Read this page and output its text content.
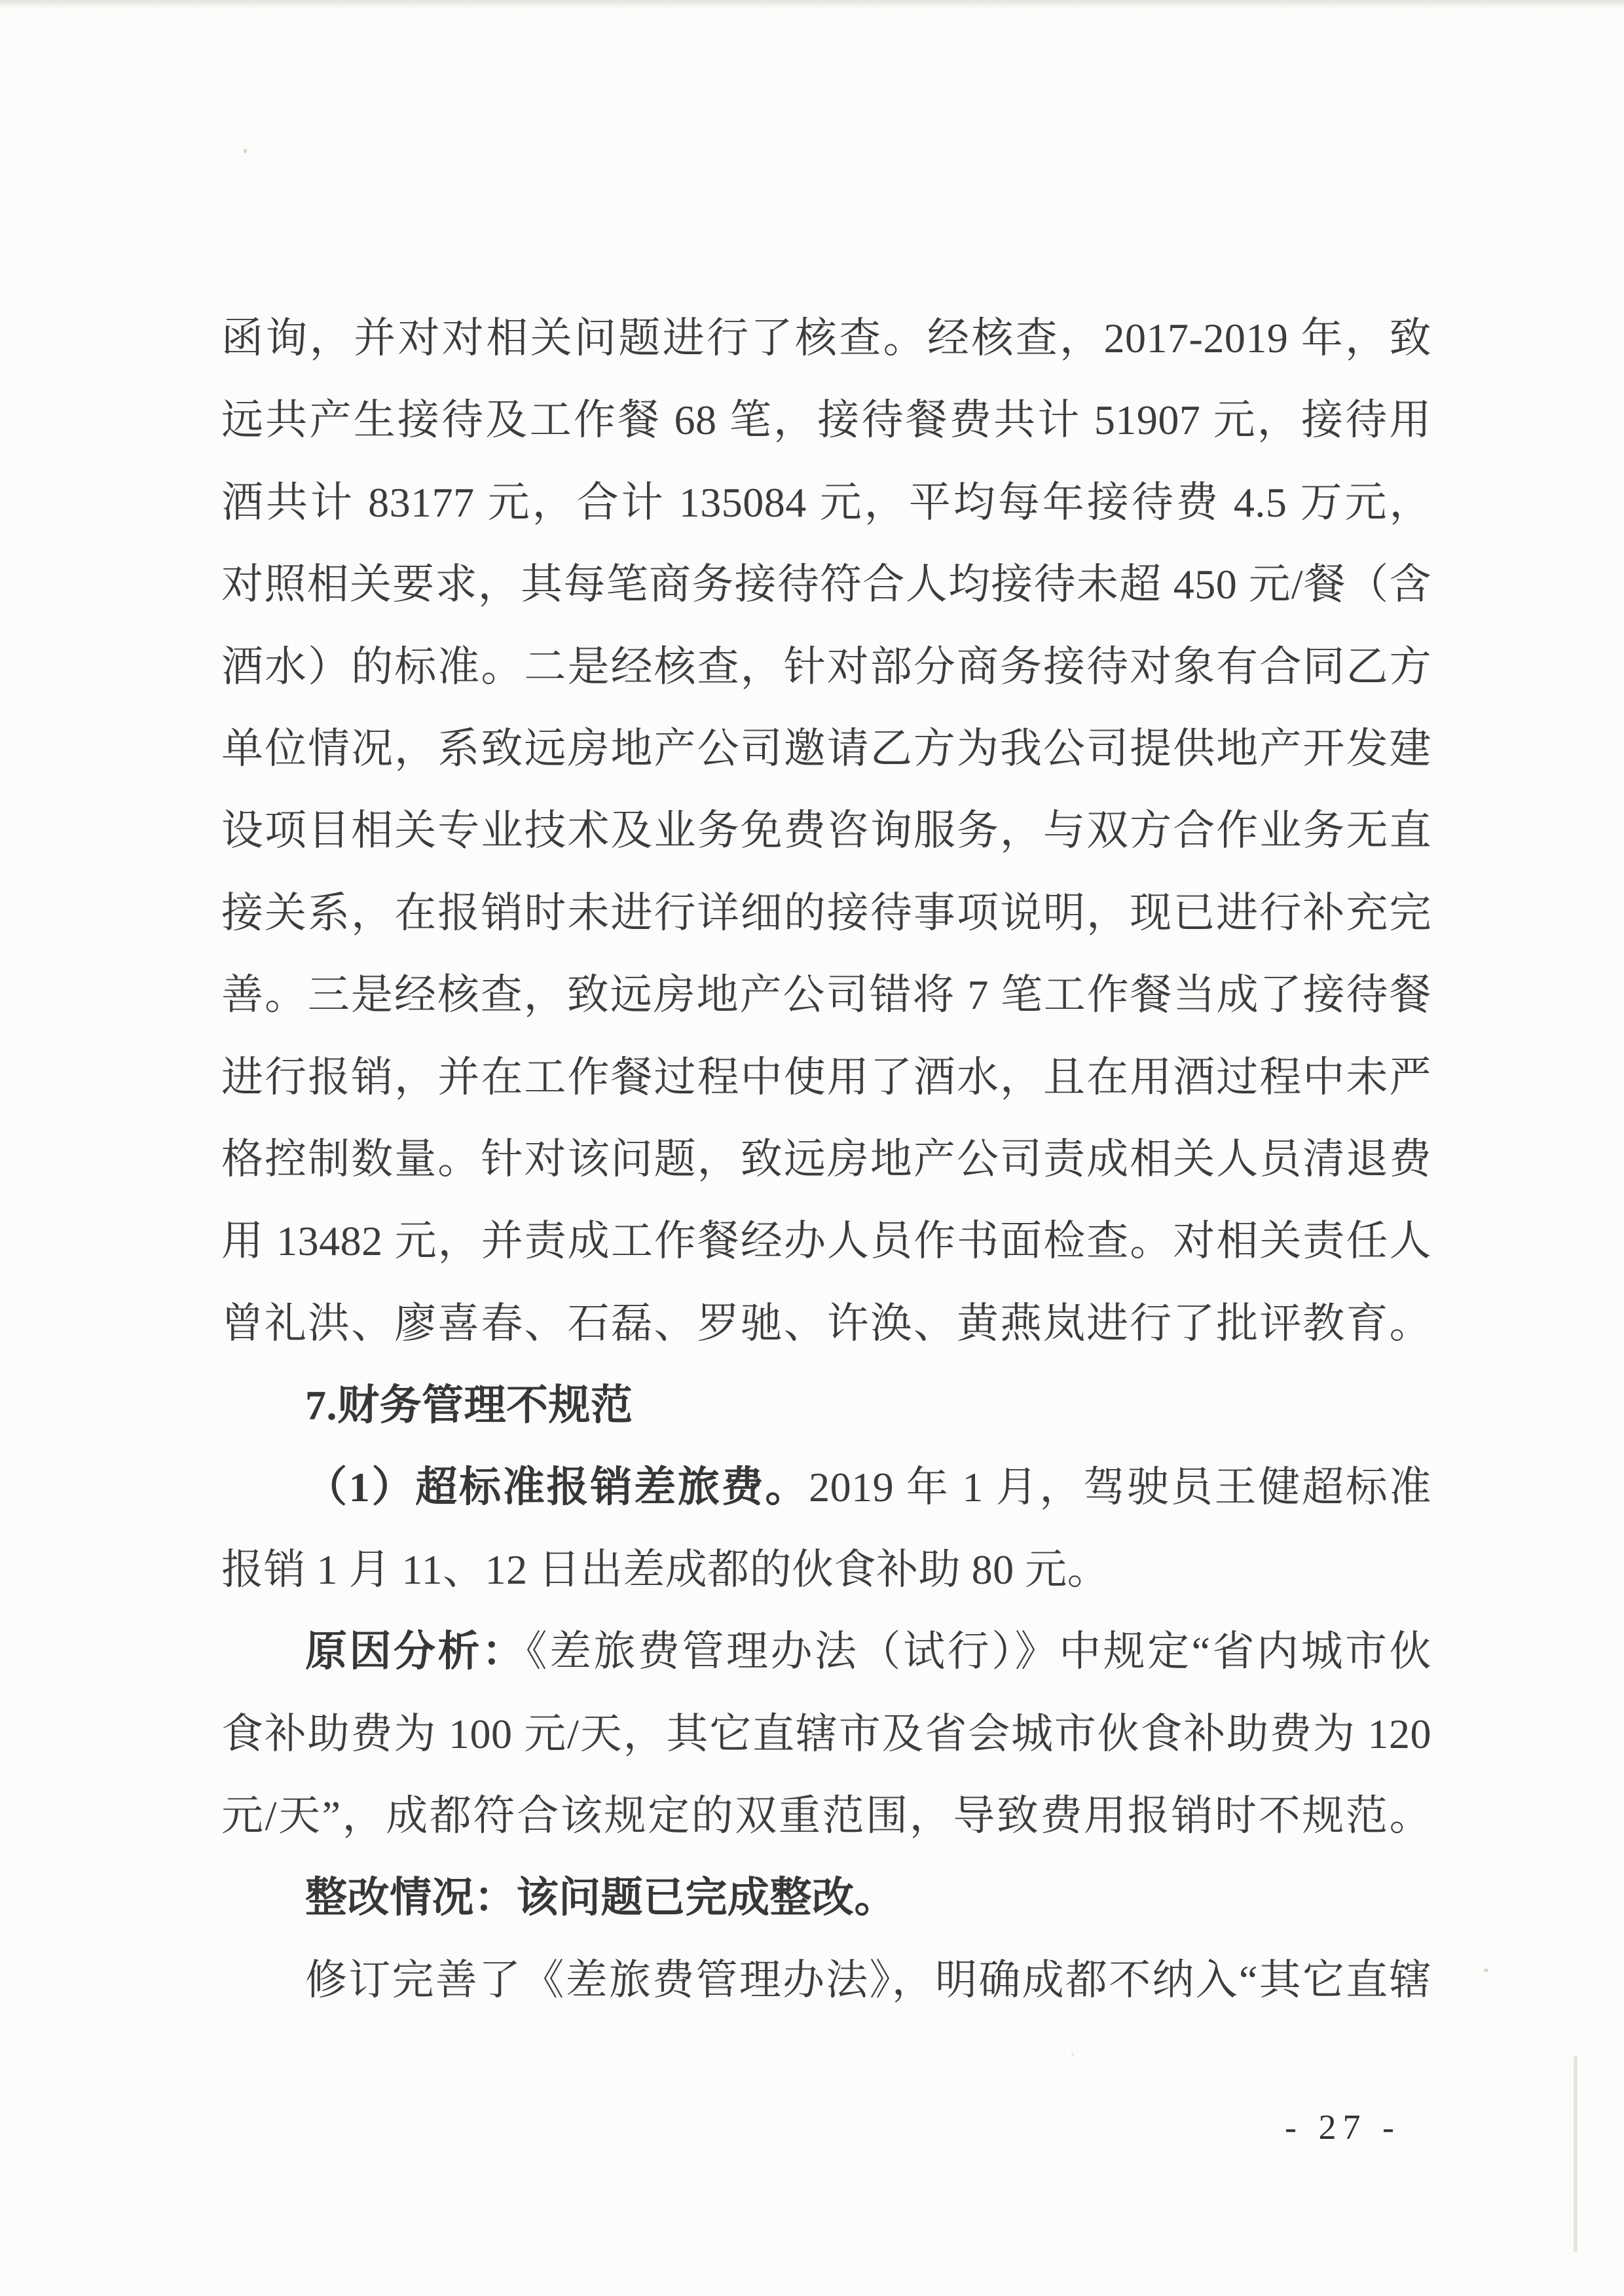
函询，并对对相关问题进行了核查。经核查，2017-2019 年，致
远共产生接待及工作餐 68 笔，接待餐费共计 51907 元，接待用
酒共计 83177 元，合计 135084 元，平均每年接待费 4.5 万元，
对照相关要求，其每笔商务接待符合人均接待未超 450 元/餐（含
酒水）的标准。二是经核查，针对部分商务接待对象有合同乙方
单位情况，系致远房地产公司邀请乙方为我公司提供地产开发建
设项目相关专业技术及业务免费咨询服务，与双方合作业务无直
接关系，在报销时未进行详细的接待事项说明，现已进行补充完
善。三是经核查，致远房地产公司错将 7 笔工作餐当成了接待餐
进行报销，并在工作餐过程中使用了酒水，且在用酒过程中未严
格控制数量。针对该问题，致远房地产公司责成相关人员清退费
用 13482 元，并责成工作餐经办人员作书面检查。对相关责任人
曾礼洪、廖喜春、石磊、罗驰、许涣、黄燕岚进行了批评教育。
7.财务管理不规范
（1）超标准报销差旅费。2019 年 1 月，驾驶员王健超标准
报销 1 月 11、12 日出差成都的伙食补助 80 元。
原因分析：《差旅费管理办法（试行）》中规定“省内城市伙
食补助费为 100 元/天，其它直辖市及省会城市伙食补助费为 120
元/天”，成都符合该规定的双重范围，导致费用报销时不规范。
整改情况：该问题已完成整改。
修订完善了《差旅费管理办法》，明确成都不纳入“其它直辖
- 27 -
